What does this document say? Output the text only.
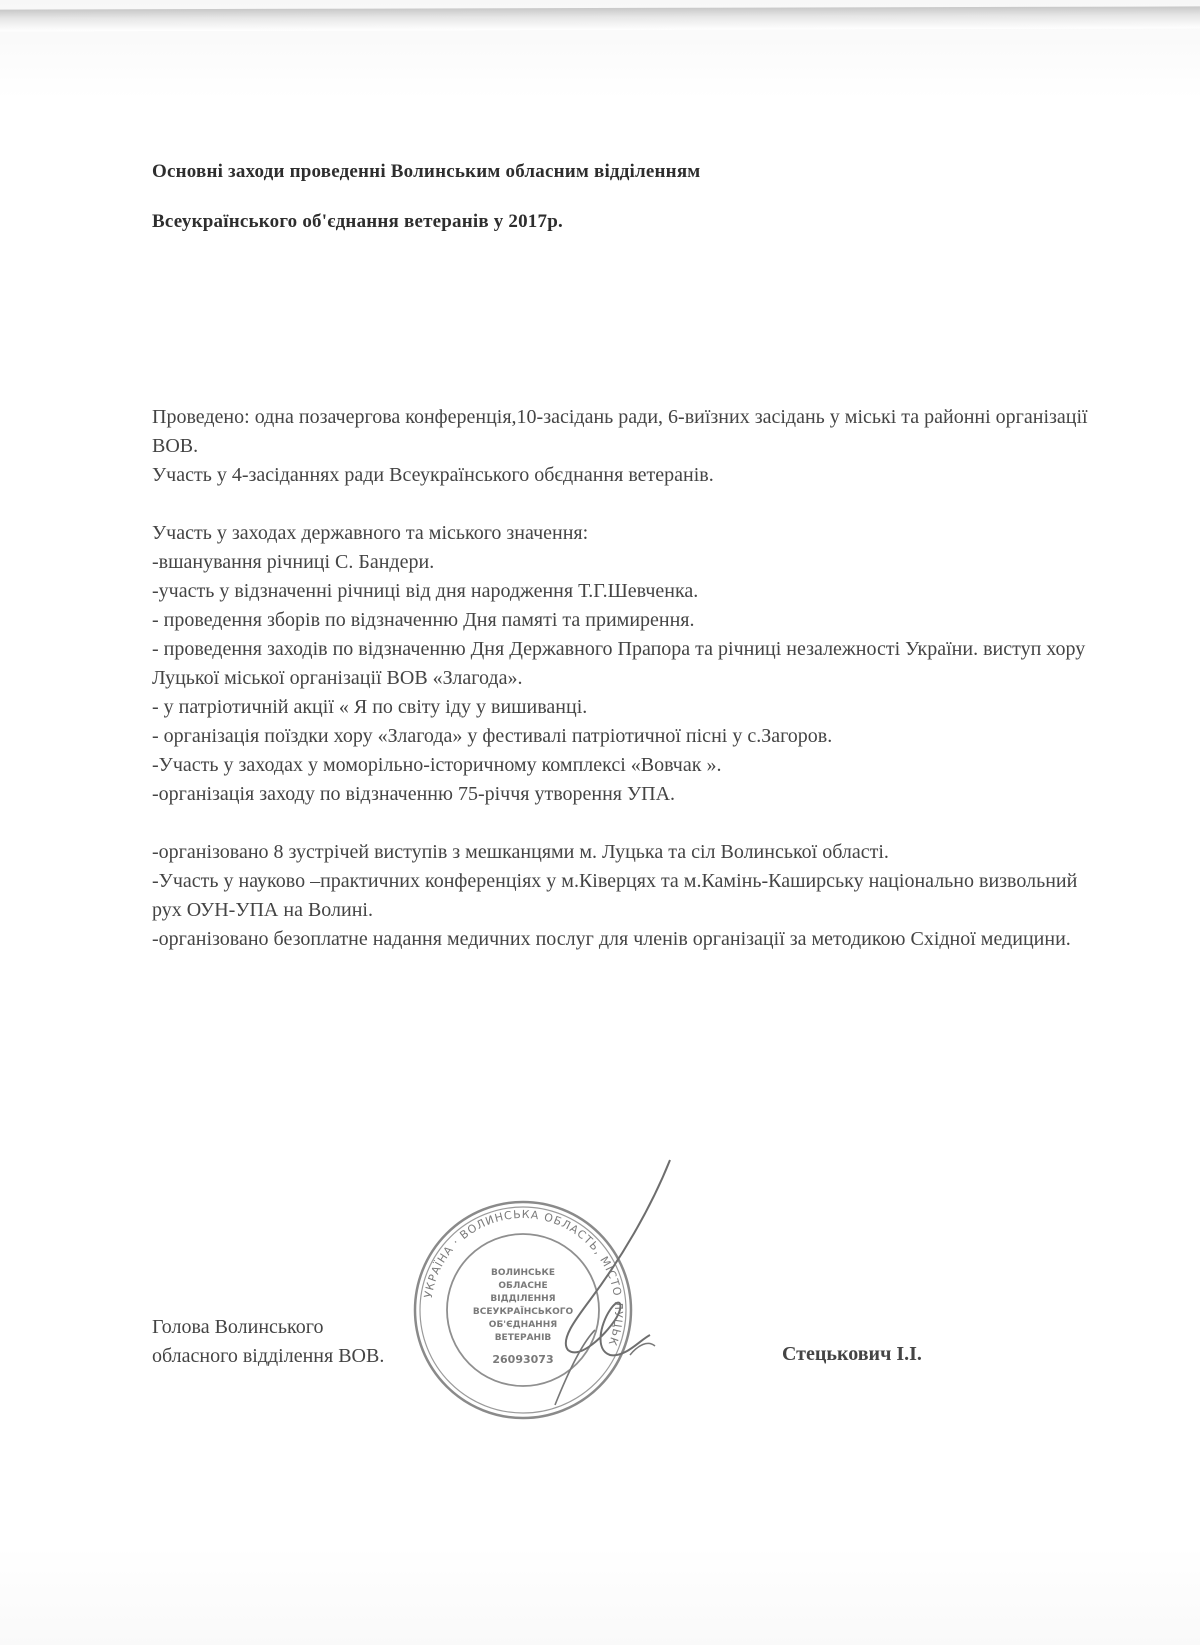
Основні заходи проведенні Волинським обласним відділенням
Всеукраїнського об'єднання ветеранів у 2017р.

Проведено: одна позачергова конференція,10-засідань ради, 6-виїзних засідань у міські та районні організації ВОВ.

Участь у 4-засіданнях ради Всеукраїнського обєднання ветеранів.

Участь у заходах державного та міського значення:

-вшанування річниці С. Бандери.

-участь у відзначенні річниці від дня народження Т.Г.Шевченка.

- проведення зборів по відзначенню Дня памяті та примирення.

- проведення заходів по відзначенню Дня Державного Прапора та річниці незалежності України. виступ хору Луцької міської організації ВОВ «Злагода».

- у патріотичній акції « Я по світу іду у вишиванці.

- організація поїздки хору «Злагода» у фестивалі патріотичної пісні у с.Загоров.

-Участь у заходах у моморільно-історичному комплексі «Вовчак ».

-організація заходу по відзначенню 75-річчя утворення УПА.

-організовано 8 зустрічей виступів з мешканцями м. Луцька та сіл Волинської області.

-Участь у науково –практичних конференціях у м.Ківерцях та м.Камінь-Каширську національно визвольний рух ОУН-УПА на Волині.

-організовано безоплатне надання медичних послуг для членів організації за методикою Східної медицини.

УКРАЇНА · ВОЛИНСЬКА ОБЛАСТЬ, МІСТО ЛУЦЬК
ВОЛИНСЬКЕ
ОБЛАСНЕ
ВІДДІЛЕННЯ
ВСЕУКРАЇНСЬКОГО
ОБ'ЄДНАННЯ
ВЕТЕРАНІВ
26093073
Голова Волинського
обласного відділення ВОВ.	Стецькович І.І.
